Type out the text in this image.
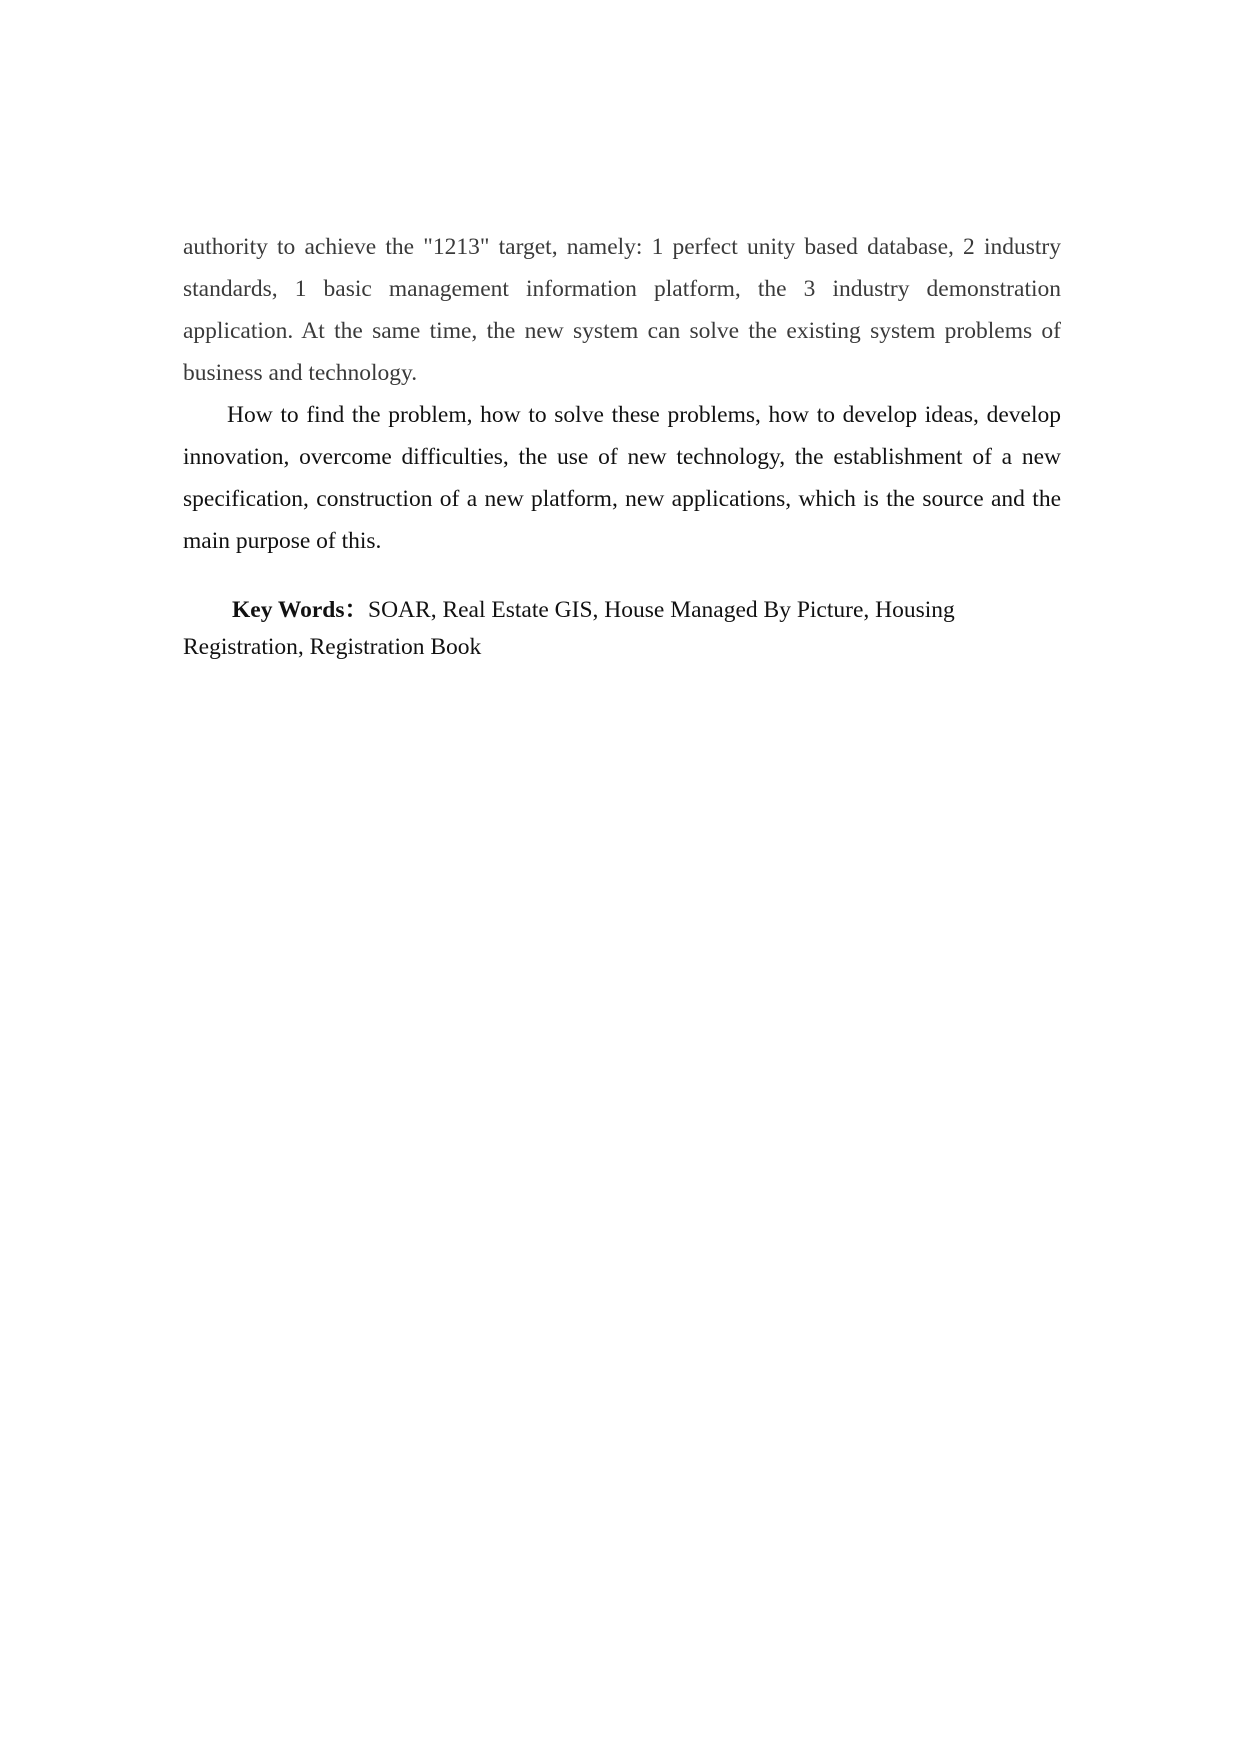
authority to achieve the "1213" target, namely: 1 perfect unity based database, 2 industry standards, 1 basic management information platform, the 3 industry demonstration application. At the same time, the new system can solve the existing system problems of business and technology.

How to find the problem, how to solve these problems, how to develop ideas, develop innovation, overcome difficulties, the use of new technology, the establishment of a new specification, construction of a new platform, new applications, which is the source and the main purpose of this.

Key Words：SOAR, Real Estate GIS, House Managed By Picture, Housing Registration, Registration Book
